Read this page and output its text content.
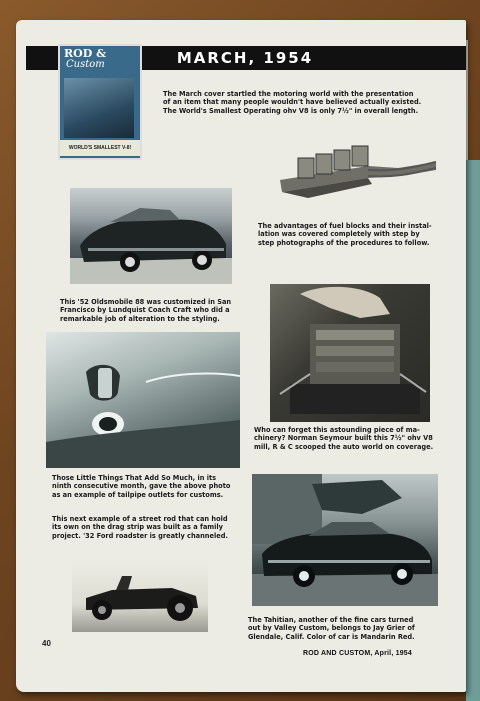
MARCH, 1954
ROD &
Custom
WORLD'S SMALLEST V-8!
The March cover startled the motoring world with the presentation
of an item that many people wouldn't have believed actually existed.
The World's Smallest Operating ohv V8 is only 7½" in overall length.
The advantages of fuel blocks and their instal-
lation was covered completely with step by
step photographs of the procedures to follow.
This '52 Oldsmobile 88 was customized in San
Francisco by Lundquist Coach Craft who did a
remarkable job of alteration to the styling.
Who can forget this astounding piece of ma-
chinery? Norman Seymour built this 7½" ohv V8
mill, R & C scooped the auto world on coverage.
Those Little Things That Add So Much, in its
ninth consecutive month, gave the above photo
as an example of tailpipe outlets for customs.
This next example of a street rod that can hold
its own on the drag strip was built as a family
project. '32 Ford roadster is greatly channeled.
The Tahitian, another of the fine cars turned
out by Valley Custom, belongs to Jay Grier of
Glendale, Calif. Color of car is Mandarin Red.
40
ROD AND CUSTOM, April, 1954
